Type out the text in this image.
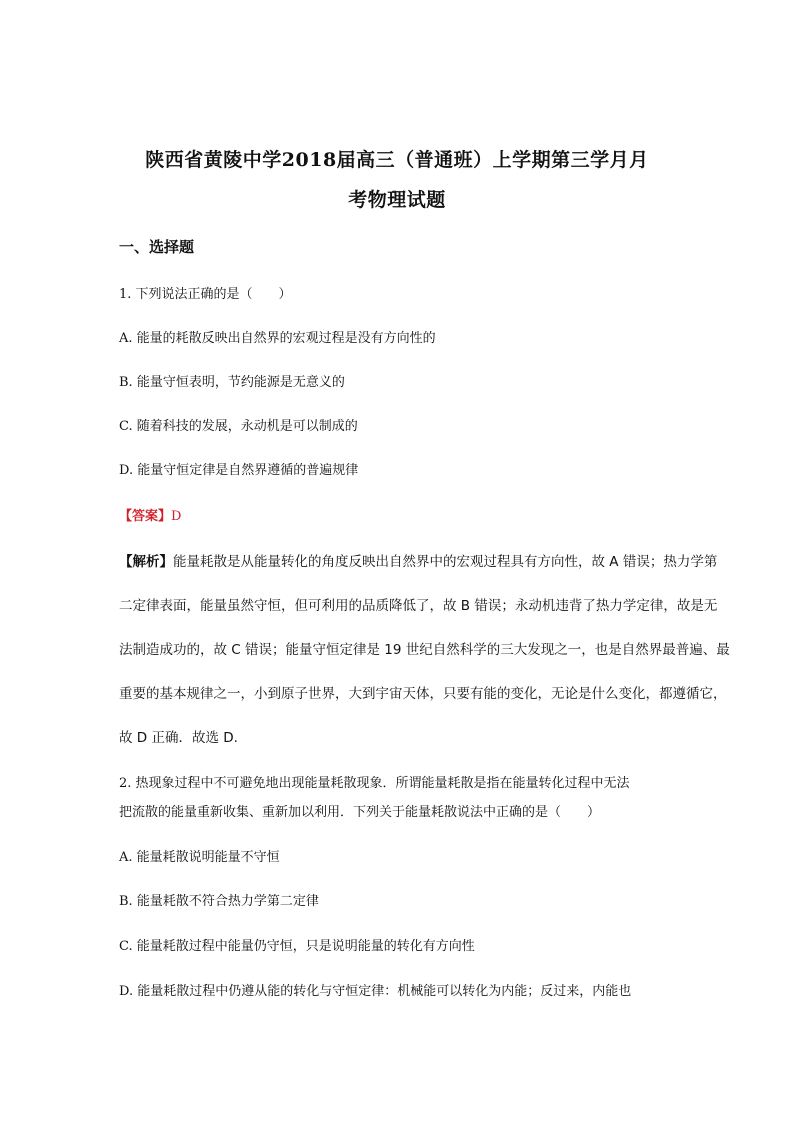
陕西省黄陵中学2018届高三（普通班）上学期第三学月月
考物理试题
一、选择题
1. 下列说法正确的是（　　）
A. 能量的耗散反映出自然界的宏观过程是没有方向性的
B. 能量守恒表明，节约能源是无意义的
C. 随着科技的发展，永动机是可以制成的
D. 能量守恒定律是自然界遵循的普遍规律
【答案】D
【解析】能量耗散是从能量转化的角度反映出自然界中的宏观过程具有方向性，故 A 错误；热力学第
二定律表面，能量虽然守恒，但可利用的品质降低了，故 B 错误；永动机违背了热力学定律，故是无
法制造成功的，故 C 错误；能量守恒定律是 19 世纪自然科学的三大发现之一，也是自然界最普遍、最
重要的基本规律之一，小到原子世界，大到宇宙天体，只要有能的变化，无论是什么变化，都遵循它，
故 D 正确．故选 D.
2. 热现象过程中不可避免地出现能量耗散现象．所谓能量耗散是指在能量转化过程中无法
把流散的能量重新收集、重新加以利用．下列关于能量耗散说法中正确的是（　　）
A. 能量耗散说明能量不守恒
B. 能量耗散不符合热力学第二定律
C. 能量耗散过程中能量仍守恒，只是说明能量的转化有方向性
D. 能量耗散过程中仍遵从能的转化与守恒定律：机械能可以转化为内能；反过来，内能也
